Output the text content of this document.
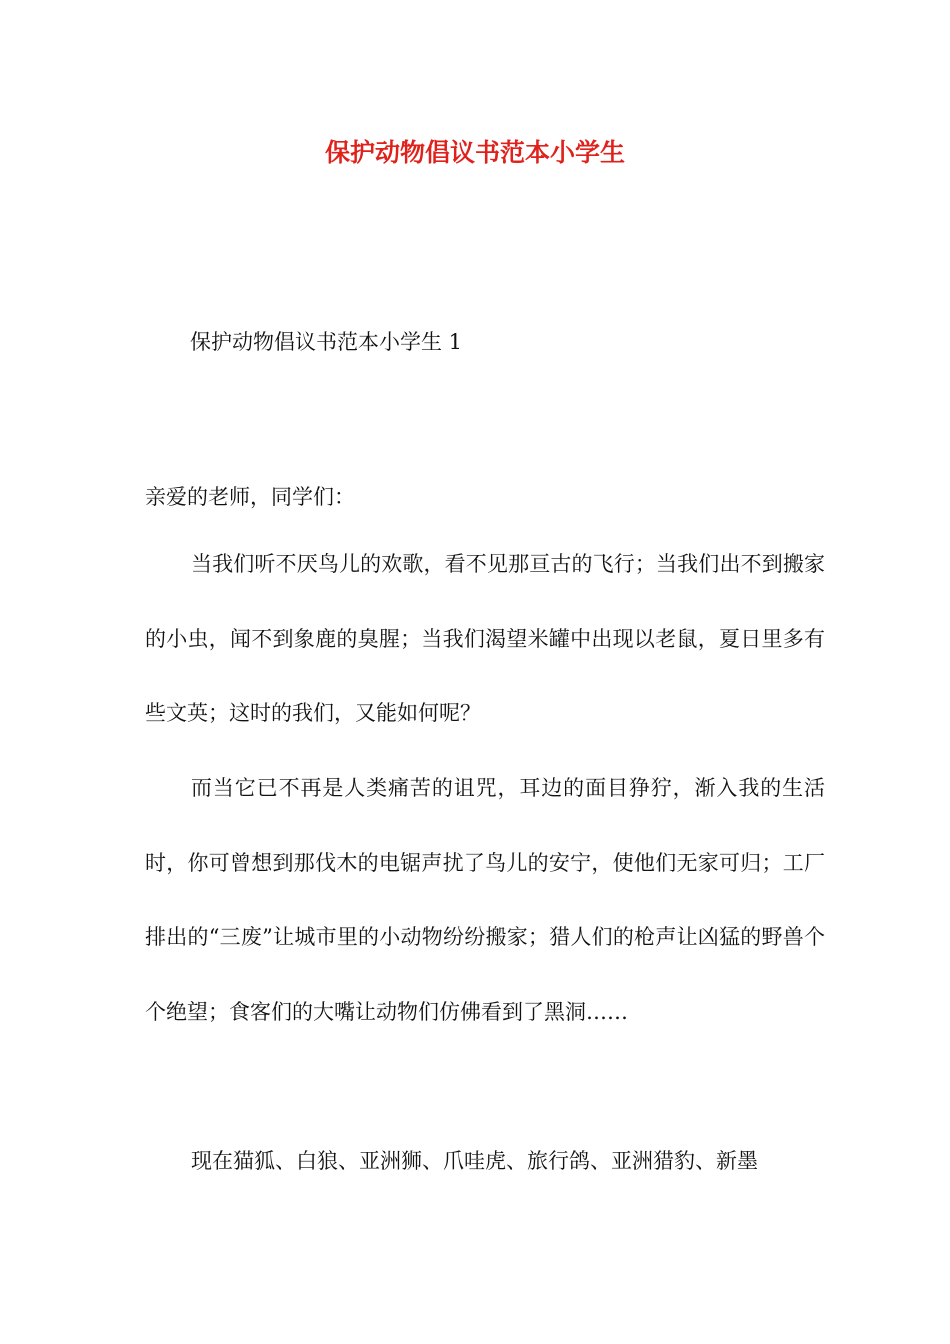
保护动物倡议书范本小学生
保护动物倡议书范本小学生 1
亲爱的老师，同学们：

当我们听不厌鸟儿的欢歌，看不见那亘古的飞行；当我们出不到搬家的小虫，闻不到象鹿的臭腥；当我们渴望米罐中出现以老鼠，夏日里多有些文英；这时的我们，又能如何呢？

而当它已不再是人类痛苦的诅咒，耳边的面目狰狞，渐入我的生活时，你可曾想到那伐木的电锯声扰了鸟儿的安宁，使他们无家可归；工厂排出的“三废”让城市里的小动物纷纷搬家；猎人们的枪声让凶猛的野兽个个绝望；食客们的大嘴让动物们仿佛看到了黑洞……

现在猫狐、白狼、亚洲狮、爪哇虎、旅行鸽、亚洲猎豹、新墨
